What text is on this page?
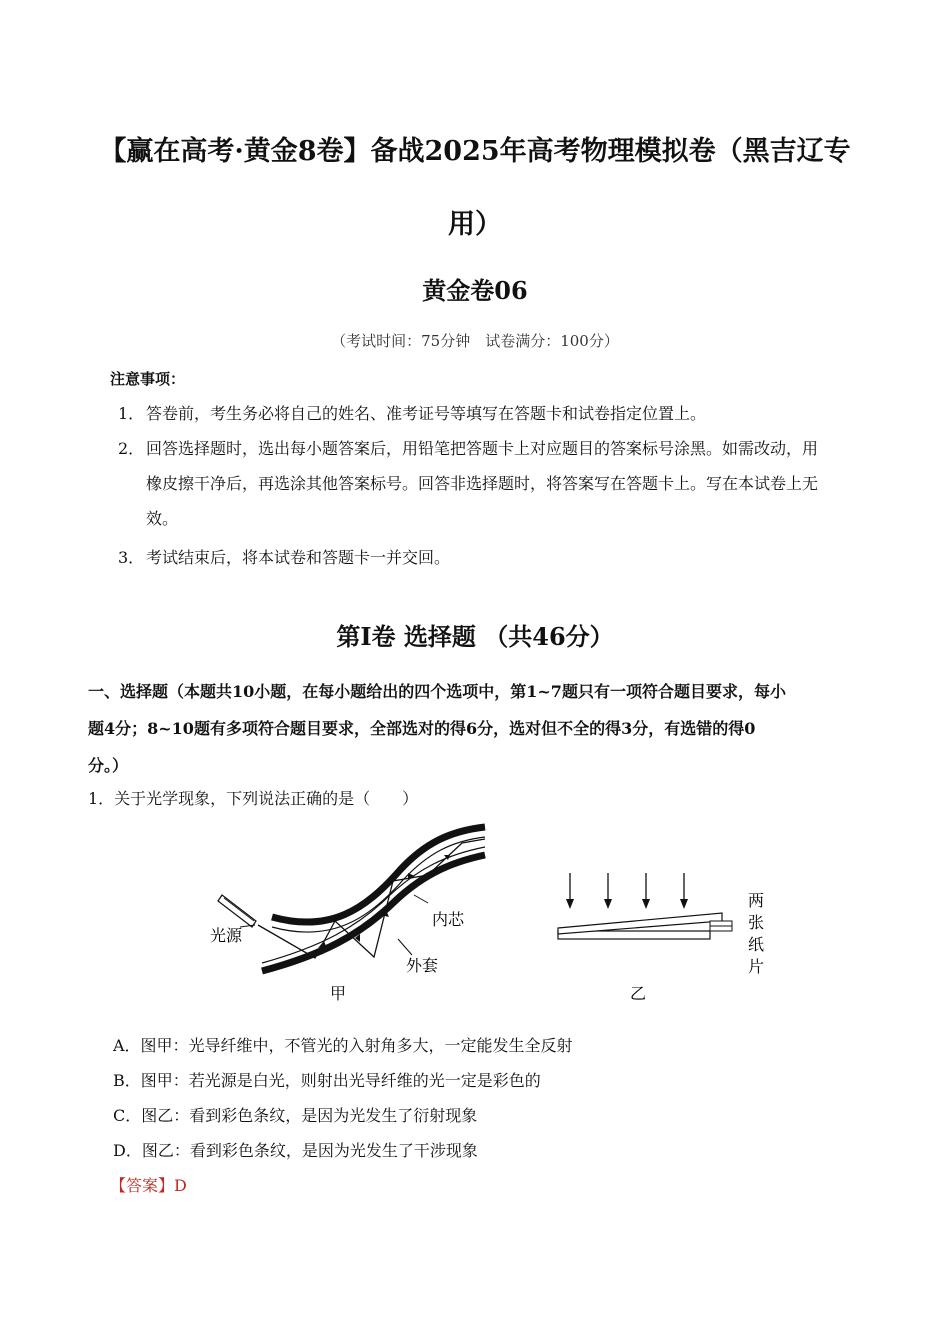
【赢在高考·黄金8卷】备战2025年高考物理模拟卷（黑吉辽专
用）
黄金卷06
（考试时间：75分钟　试卷满分：100分）
注意事项：
1． 答卷前，考生务必将自己的姓名、准考证号等填写在答题卡和试卷指定位置上。
2． 回答选择题时，选出每小题答案后，用铅笔把答题卡上对应题目的答案标号涂黑。如需改动，用
橡皮擦干净后，再选涂其他答案标号。回答非选择题时，将答案写在答题卡上。写在本试卷上无
效。
3． 考试结束后，将本试卷和答题卡一并交回。
第Ⅰ卷 选择题 （共46分）
一、选择题（本题共10小题，在每小题给出的四个选项中，第1~7题只有一项符合题目要求，每小
题4分；8~10题有多项符合题目要求，全部选对的得6分，选对但不全的得3分，有选错的得0
分。）
1．关于光学现象，下列说法正确的是（　　）
光源
内芯
外套
甲
两
张
纸
片
乙
A．图甲：光导纤维中，不管光的入射角多大，一定能发生全反射
B．图甲：若光源是白光，则射出光导纤维的光一定是彩色的
C．图乙：看到彩色条纹，是因为光发生了衍射现象
D．图乙：看到彩色条纹，是因为光发生了干涉现象
【答案】D
